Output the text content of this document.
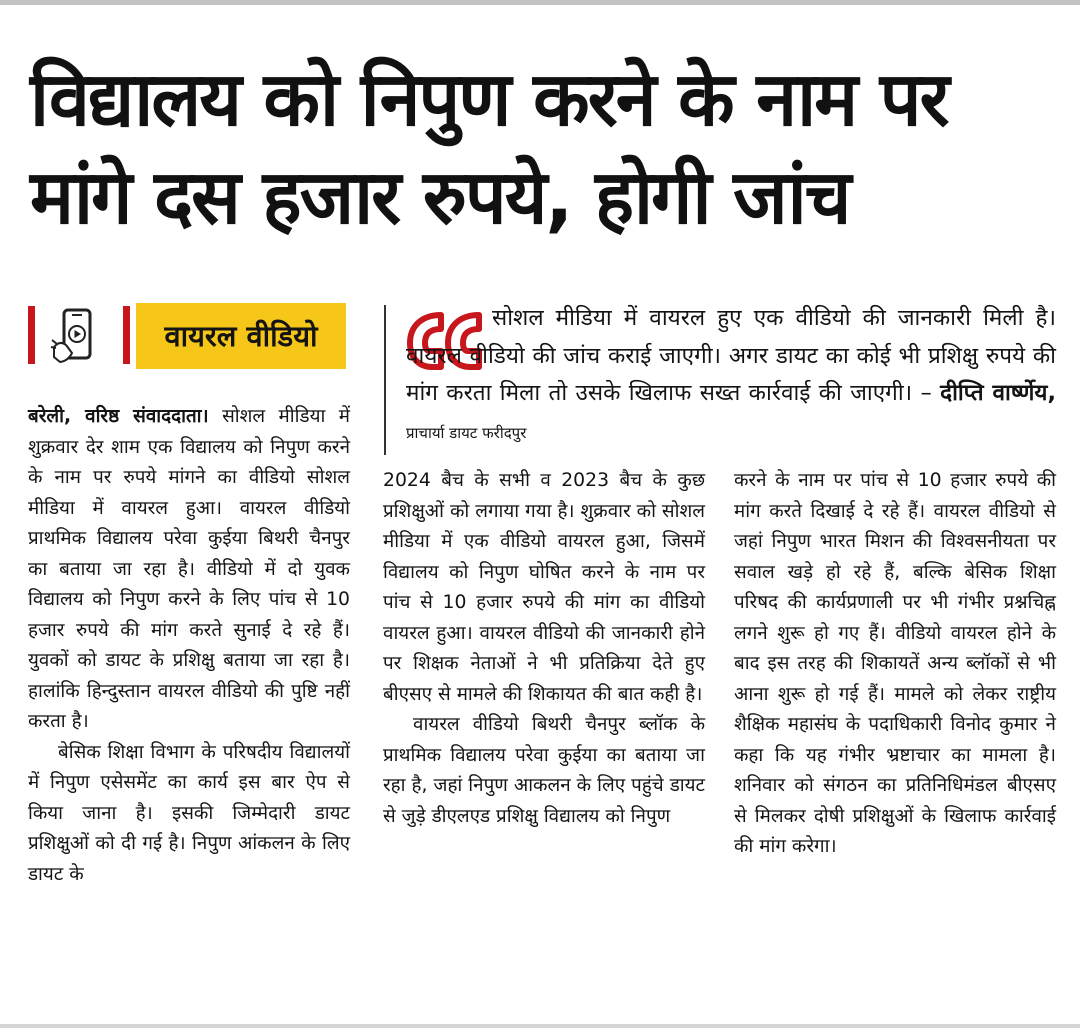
विद्यालय को निपुण करने के नाम पर
मांगे दस हजार रुपये, होगी जांच
वायरल वीडियो

सोशल मीडिया में वायरल हुए एक वीडियो की जानकारी मिली है। वायरल वीडियो की जांच कराई जाएगी। अगर डायट का कोई भी प्रशिक्षु रुपये की मांग करता मिला तो उसके खिलाफ सख्त कार्रवाई की जाएगी। – दीप्ति वार्ष्णेय, प्राचार्या डायट फरीदपुर

बरेली, वरिष्ठ संवाददाता। सोशल मीडिया में शुक्रवार देर शाम एक विद्यालय को निपुण करने के नाम पर रुपये मांगने का वीडियो सोशल मीडिया में वायरल हुआ। वायरल वीडियो प्राथमिक विद्यालय परेवा कुईया बिथरी चैनपुर का बताया जा रहा है। वीडियो में दो युवक विद्यालय को निपुण करने के लिए पांच से 10 हजार रुपये की मांग करते सुनाई दे रहे हैं। युवकों को डायट के प्रशिक्षु बताया जा रहा है। हालांकि हिन्दुस्तान वायरल वीडियो की पुष्टि नहीं करता है।

बेसिक शिक्षा विभाग के परिषदीय विद्यालयों में निपुण एसेसमेंट का कार्य इस बार ऐप से किया जाना है। इसकी जिम्मेदारी डायट प्रशिक्षुओं को दी गई है। निपुण आंकलन के लिए डायट के

2024 बैच के सभी व 2023 बैच के कुछ प्रशिक्षुओं को लगाया गया है। शुक्रवार को सोशल मीडिया में एक वीडियो वायरल हुआ, जिसमें विद्यालय को निपुण घोषित करने के नाम पर पांच से 10 हजार रुपये की मांग का वीडियो वायरल हुआ। वायरल वीडियो की जानकारी होने पर शिक्षक नेताओं ने भी प्रतिक्रिया देते हुए बीएसए से मामले की शिकायत की बात कही है।

वायरल वीडियो बिथरी चैनपुर ब्लॉक के प्राथमिक विद्यालय परेवा कुईया का बताया जा रहा है, जहां निपुण आकलन के लिए पहुंचे डायट से जुड़े डीएलएड प्रशिक्षु विद्यालय को निपुण

करने के नाम पर पांच से 10 हजार रुपये की मांग करते दिखाई दे रहे हैं। वायरल वीडियो से जहां निपुण भारत मिशन की विश्वसनीयता पर सवाल खड़े हो रहे हैं, बल्कि बेसिक शिक्षा परिषद की कार्यप्रणाली पर भी गंभीर प्रश्नचिह्न लगने शुरू हो गए हैं। वीडियो वायरल होने के बाद इस तरह की शिकायतें अन्य ब्लॉकों से भी आना शुरू हो गई हैं। मामले को लेकर राष्ट्रीय शैक्षिक महासंघ के पदाधिकारी विनोद कुमार ने कहा कि यह गंभीर भ्रष्टाचार का मामला है। शनिवार को संगठन का प्रतिनिधिमंडल बीएसए से मिलकर दोषी प्रशिक्षुओं के खिलाफ कार्रवाई की मांग करेगा।
